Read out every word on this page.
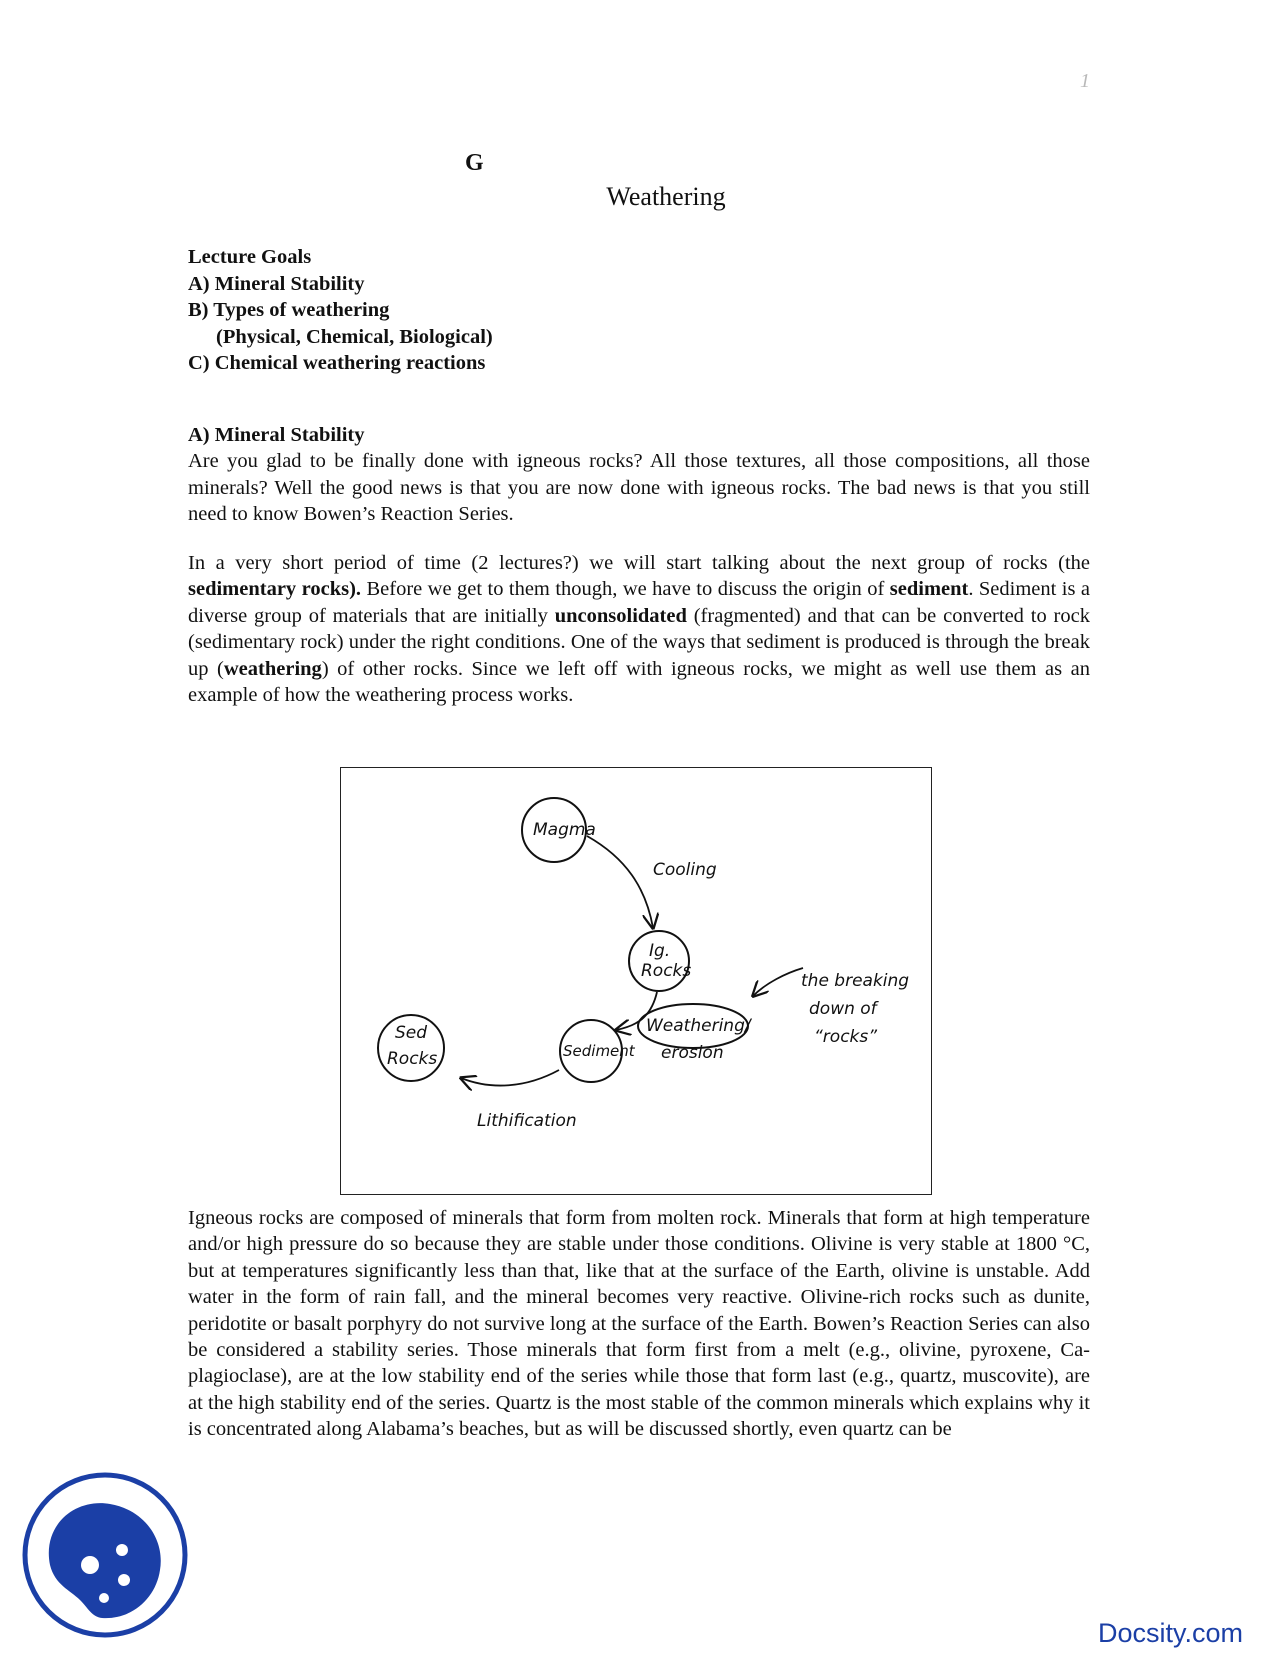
1
G
Weathering
Lecture Goals
A) Mineral Stability
B) Types of weathering
(Physical, Chemical, Biological)
C) Chemical weathering reactions
A) Mineral Stability
Are you glad to be finally done with igneous rocks? All those textures, all those compositions, all those minerals? Well the good news is that you are now done with igneous rocks. The bad news is that you still need to know Bowen’s Reaction Series.
In a very short period of time (2 lectures?) we will start talking about the next group of rocks (the sedimentary rocks). Before we get to them though, we have to discuss the origin of sediment. Sediment is a diverse group of materials that are initially unconsolidated (fragmented) and that can be converted to rock (sedimentary rock) under the right conditions. One of the ways that sediment is produced is through the break up (weathering) of other rocks. Since we left off with igneous rocks, we might as well use them as an example of how the weathering process works.
Magma
Ig.
Rocks
Weathering/
erosion
Sediment
Sed
Rocks
Cooling
Lithification
the breaking
down of
“rocks”
Igneous rocks are composed of minerals that form from molten rock. Minerals that form at high temperature and/or high pressure do so because they are stable under those conditions. Olivine is very stable at 1800 °C, but at temperatures significantly less than that, like that at the surface of the Earth, olivine is unstable. Add water in the form of rain fall, and the mineral becomes very reactive. Olivine-rich rocks such as dunite, peridotite or basalt porphyry do not survive long at the surface of the Earth. Bowen’s Reaction Series can also be considered a stability series. Those minerals that form first from a melt (e.g., olivine, pyroxene, Ca-plagioclase), are at the low stability end of the series while those that form last (e.g., quartz, muscovite), are at the high stability end of the series. Quartz is the most stable of the common minerals which explains why it is concentrated along Alabama’s beaches, but as will be discussed shortly, even quartz can be
Docsity.com
